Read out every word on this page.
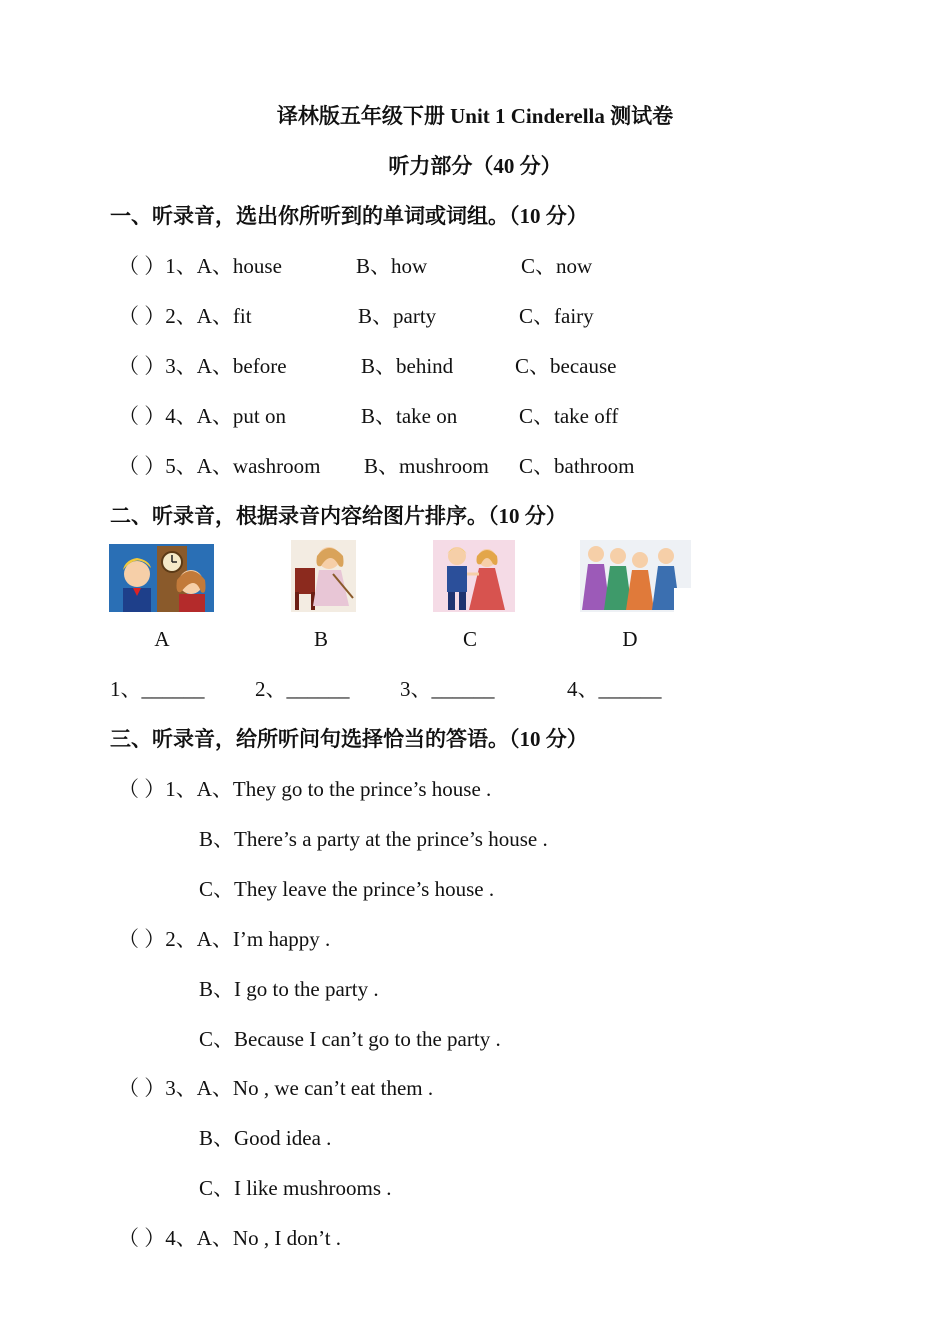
译林版五年级下册 Unit 1 Cinderella 测试卷
听力部分（40 分）
一、听录音，选出你所听到的单词或词组。（10 分）
（ ）1、A、house	B、how	C、now
（ ）2、A、fit	B、party	C、fairy
（ ）3、A、before	B、behind	C、because
（ ）4、A、put on	B、take on	C、take off
（ ）5、A、washroom B、mushroom C、bathroom
二、听录音，根据录音内容给图片排序。（10 分）
A	B	C	D
1、______ 2、______ 3、______	4、______
三、听录音，给所听问句选择恰当的答语。（10 分）
（ ）1、A、They go to the prince’s house .
B、There’s a party at the prince’s house .
C、They leave the prince’s house .
（ ）2、A、I’m happy .
B、I go to the party .
C、Because I can’t go to the party .
（ ）3、A、No , we can’t eat them .
B、Good idea .
C、I like mushrooms .
（ ）4、A、No , I don’t .
